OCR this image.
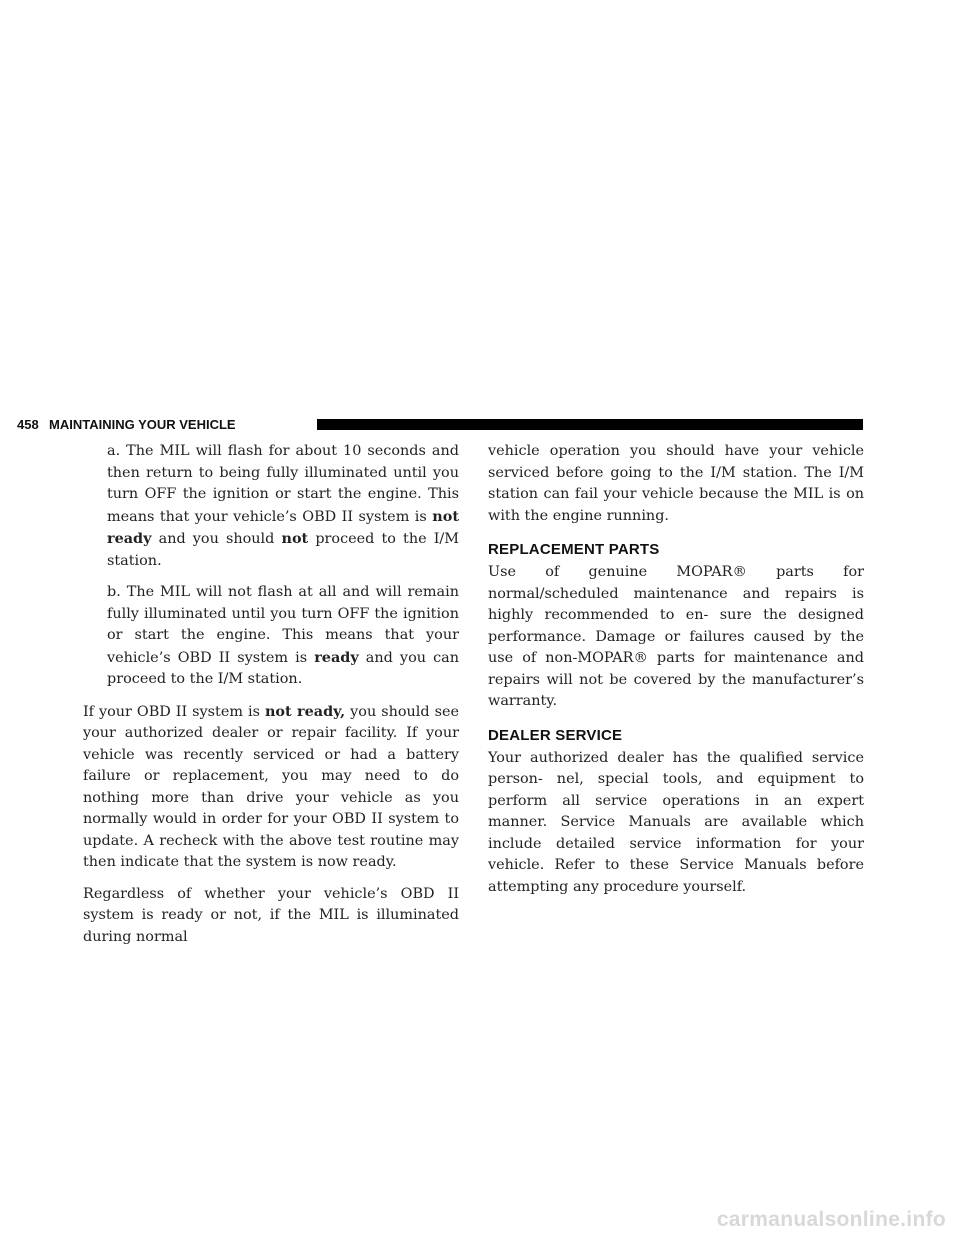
458 MAINTAINING YOUR VEHICLE

a. The MIL will flash for about 10 seconds and then return to being fully illuminated until you turn OFF the ignition or start the engine. This means that your vehicle’s OBD II system is not ready and you should not proceed to the I/M station.

b. The MIL will not flash at all and will remain fully illuminated until you turn OFF the ignition or start the engine. This means that your vehicle’s OBD II system is ready and you can proceed to the I/M station.

If your OBD II system is not ready, you should see your authorized dealer or repair facility. If your vehicle was recently serviced or had a battery failure or replacement, you may need to do nothing more than drive your vehicle as you normally would in order for your OBD II system to update. A recheck with the above test routine may then indicate that the system is now ready.

Regardless of whether your vehicle’s OBD II system is ready or not, if the MIL is illuminated during normal

vehicle operation you should have your vehicle serviced before going to the I/M station. The I/M station can fail your vehicle because the MIL is on with the engine running.

REPLACEMENT PARTS

Use of genuine MOPAR® parts for normal/scheduled maintenance and repairs is highly recommended to en- sure the designed performance. Damage or failures caused by the use of non-MOPAR® parts for maintenance and repairs will not be covered by the manufacturer’s warranty.

DEALER SERVICE

Your authorized dealer has the qualified service person- nel, special tools, and equipment to perform all service operations in an expert manner. Service Manuals are available which include detailed service information for your vehicle. Refer to these Service Manuals before attempting any procedure yourself.

carmanualsonline.info
